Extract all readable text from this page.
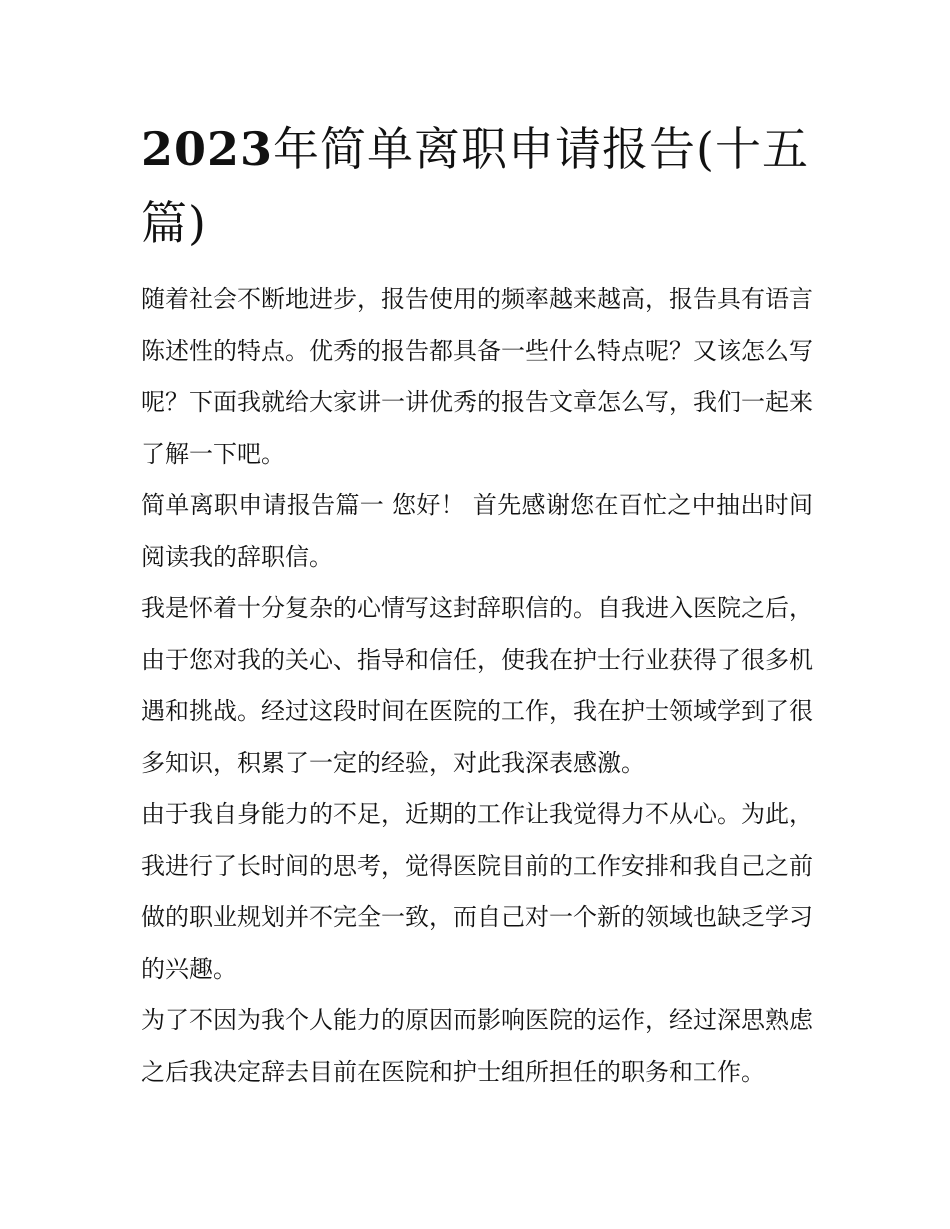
2023年简单离职申请报告(十五篇)

随着社会不断地进步，报告使用的频率越来越高，报告具有语言陈述性的特点。优秀的报告都具备一些什么特点呢？又该怎么写呢？下面我就给大家讲一讲优秀的报告文章怎么写，我们一起来了解一下吧。

简单离职申请报告篇一 您好！ 首先感谢您在百忙之中抽出时间阅读我的辞职信。

我是怀着十分复杂的心情写这封辞职信的。自我进入医院之后，由于您对我的关心、指导和信任，使我在护士行业获得了很多机遇和挑战。经过这段时间在医院的工作，我在护士领域学到了很多知识，积累了一定的经验，对此我深表感激。

由于我自身能力的不足，近期的工作让我觉得力不从心。为此，我进行了长时间的思考，觉得医院目前的工作安排和我自己之前做的职业规划并不完全一致，而自己对一个新的领域也缺乏学习的兴趣。

为了不因为我个人能力的原因而影响医院的运作，经过深思熟虑之后我决定辞去目前在医院和护士组所担任的职务和工作。
